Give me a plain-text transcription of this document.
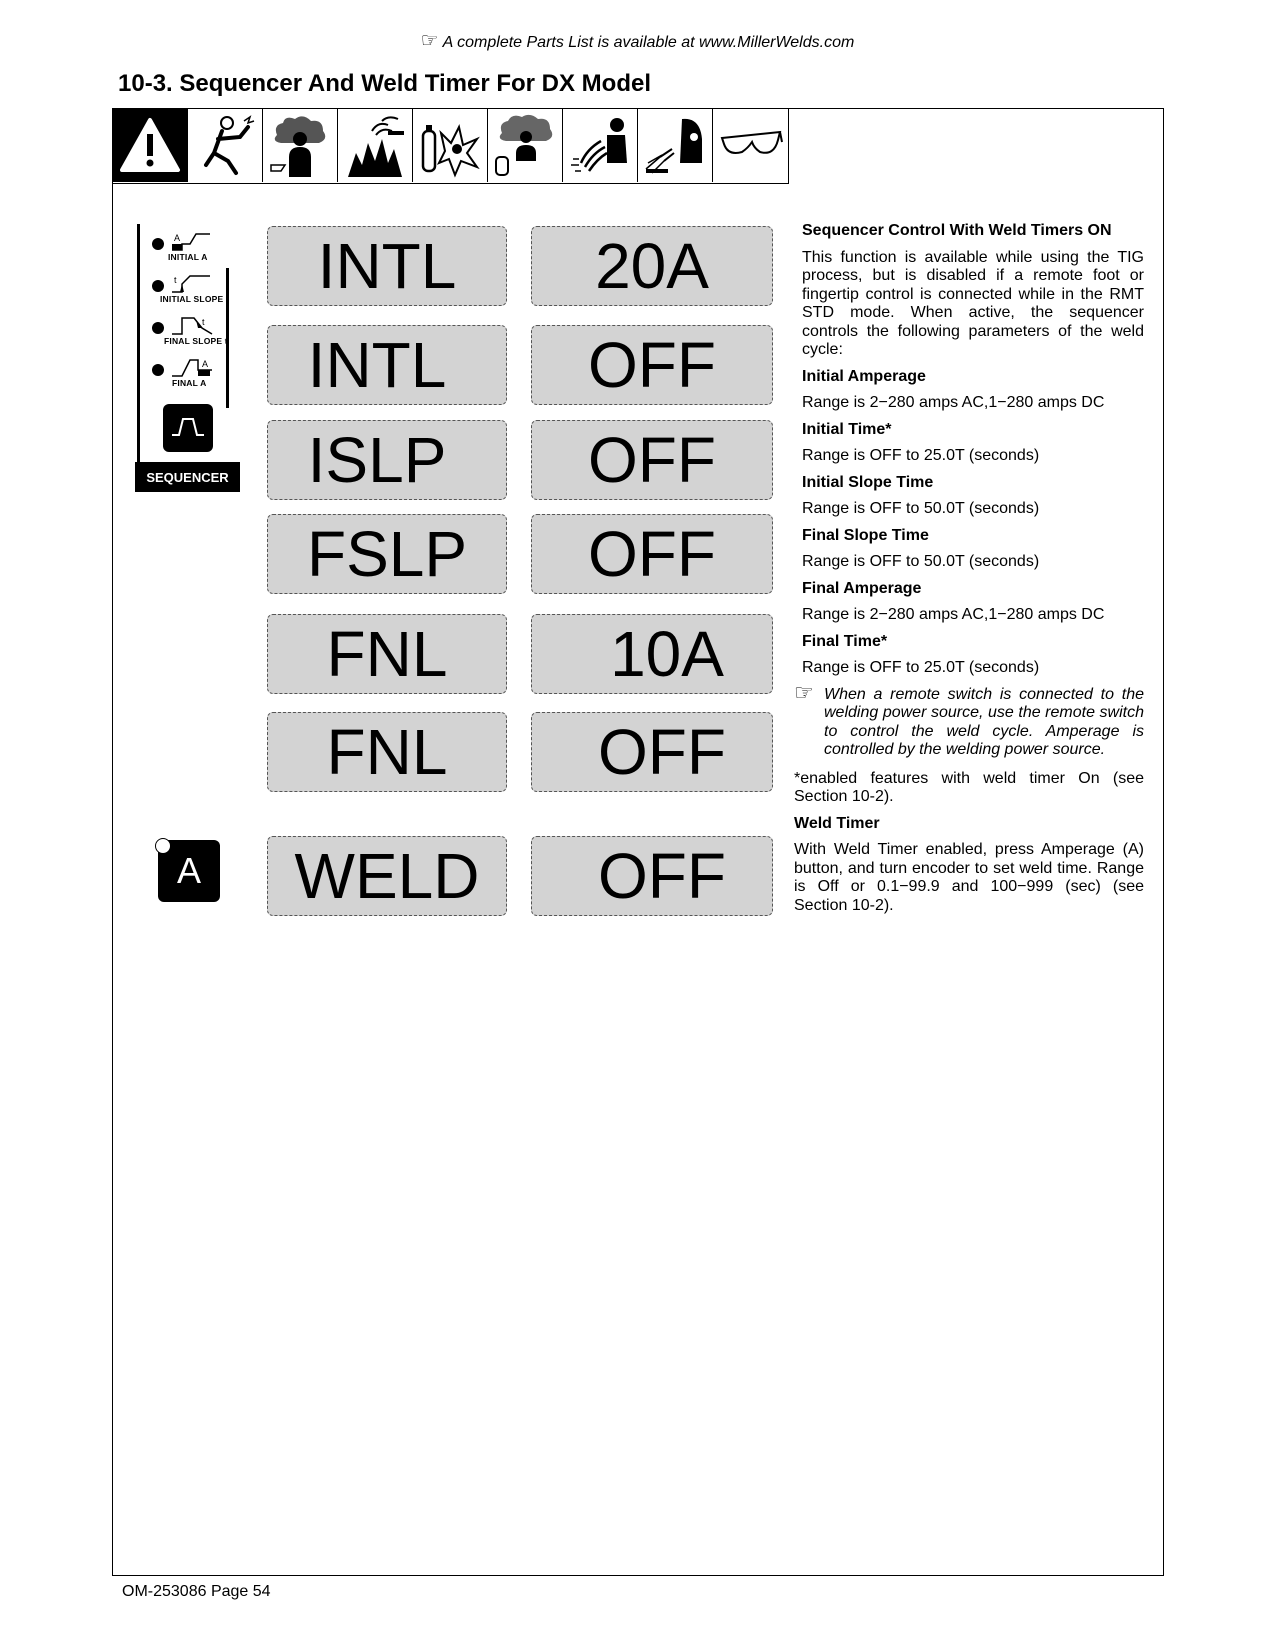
☞ A complete Parts List is available at www.MillerWelds.com
10-3. Sequencer And Weld Timer For DX Model
A
INITIAL A
t
INITIAL SLOPE t
t
FINAL SLOPE t
A
FINAL A
SEQUENCER
A
INTL	20A
INTL	OFF
ISLP	OFF
FSLP	OFF
FNL	10A
FNL	OFF
WELD	OFF

Sequencer Control With Weld Timers ON

This function is available while using the TIG process, but is disabled if a remote foot or fingertip control is connected while in the RMT STD mode. When active, the sequencer controls the following parameters of the weld cycle:

Initial Amperage

Range is 2−280 amps AC,1−280 amps DC

Initial Time*

Range is OFF to 25.0T (seconds)

Initial Slope Time

Range is OFF to 50.0T (seconds)

Final Slope Time

Range is OFF to 50.0T (seconds)

Final Amperage

Range is 2−280 amps AC,1−280 amps DC

Final Time*

Range is OFF to 25.0T (seconds)

☞ When a remote switch is connected to the welding power source, use the remote switch to control the weld cycle. Amperage is controlled by the welding power source.

*enabled features with weld timer On (see Section 10-2).

Weld Timer

With Weld Timer enabled, press Amperage (A) button, and turn encoder to set weld time. Range is Off or 0.1−99.9 and 100−999 (sec) (see Section 10-2).

OM-253086 Page 54
